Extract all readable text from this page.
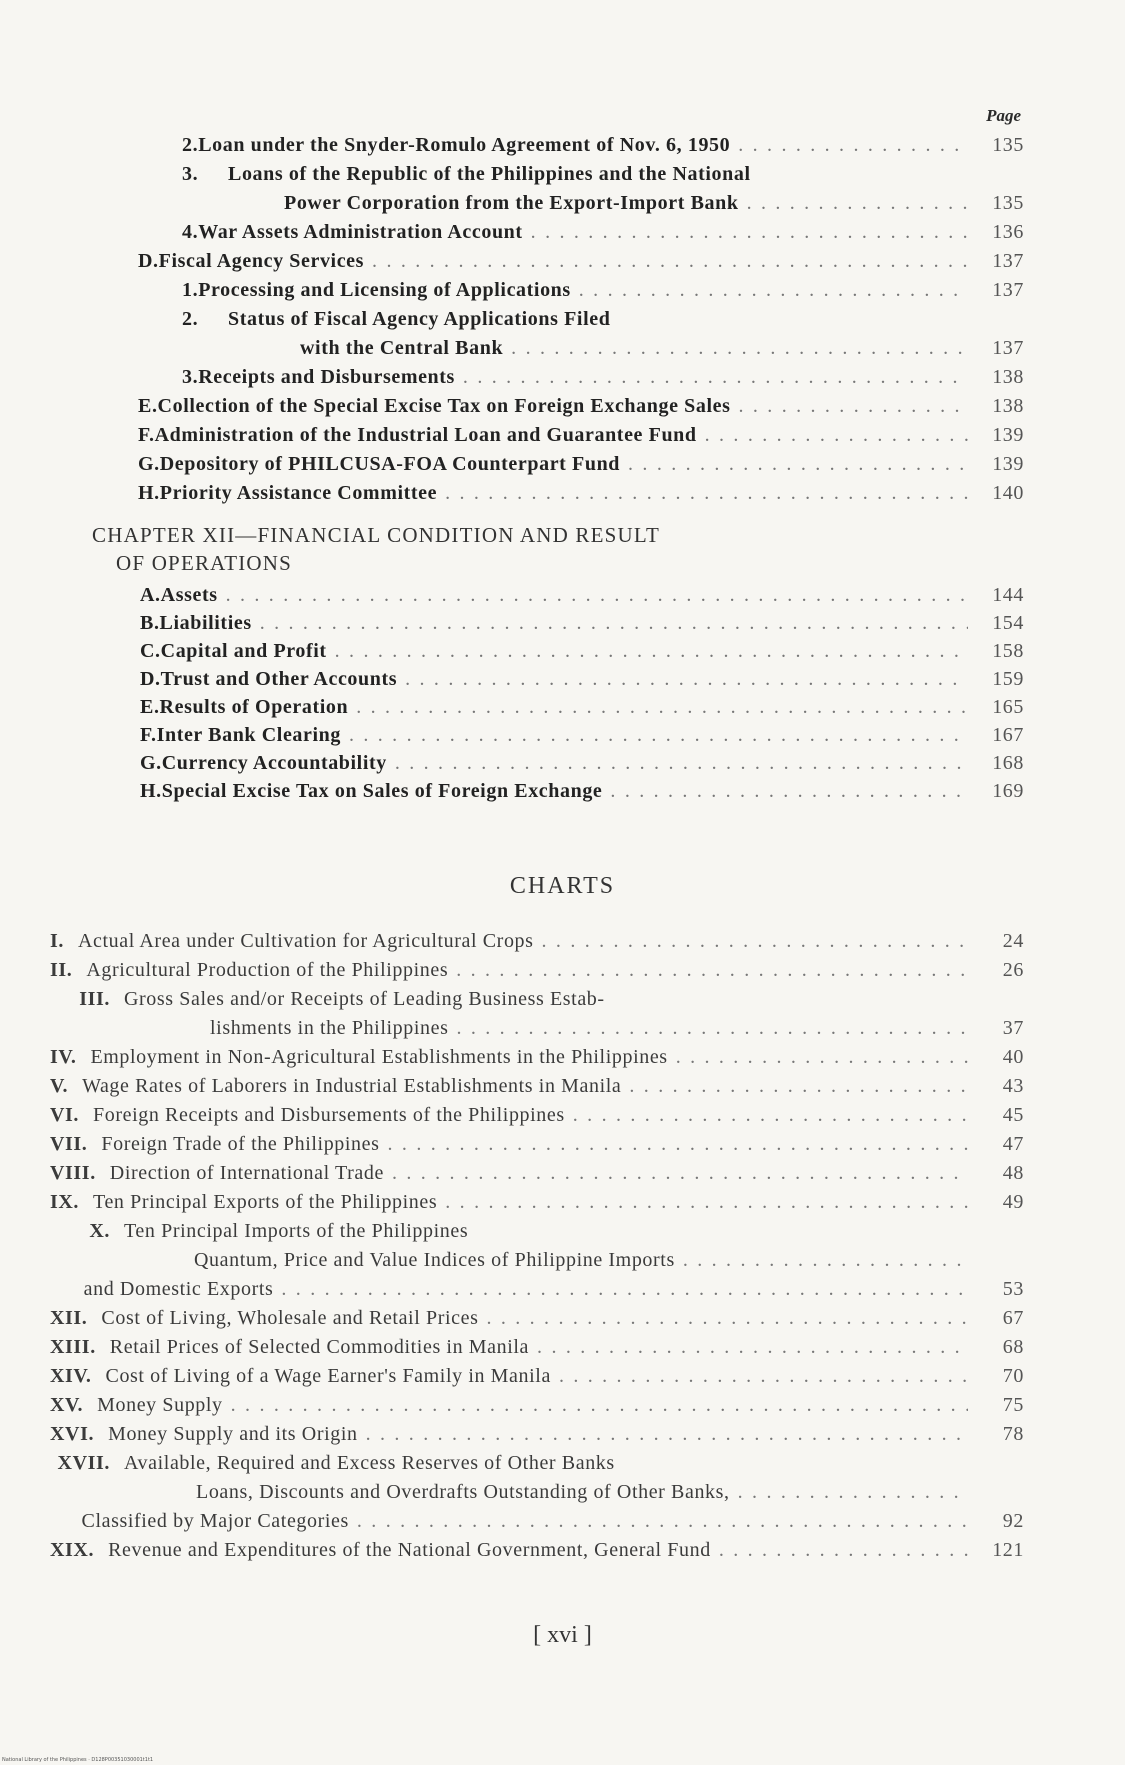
Page
2. Loan under the Snyder-Romulo Agreement of Nov. 6, 1950 . . .	135
3.	Loans of the Republic of the Philippines and the National
Power Corporation from the Export-Import Bank . . .	135
4. War Assets Administration Account . . .	136
D. Fiscal Agency Services . . .	137
1. Processing and Licensing of Applications . . .	137
2.	Status of Fiscal Agency Applications Filed
with the Central Bank . . .	137
3. Receipts and Disbursements . . .	138
E. Collection of the Special Excise Tax on Foreign Exchange Sales . . .	138
F. Administration of the Industrial Loan and Guarantee Fund . . .	139
G. Depository of PHILCUSA-FOA Counterpart Fund . . .	139
H. Priority Assistance Committee . . .	140
CHAPTER XII—FINANCIAL CONDITION AND RESULT
OF OPERATIONS
A. Assets . . .	144
B. Liabilities . . .	154
C. Capital and Profit . . .	158
D. Trust and Other Accounts . . .	159
E. Results of Operation . . .	165
F. Inter Bank Clearing . . .	167
G. Currency Accountability . . .	168
H. Special Excise Tax on Sales of Foreign Exchange . . .	169
CHARTS
I. Actual Area under Cultivation for Agricultural Crops . . .	24
II. Agricultural Production of the Philippines . . .	26
III. Gross Sales and/or Receipts of Leading Business Estab-
lishments in the Philippines . . .	37
IV. Employment in Non-Agricultural Establishments in the Philippines . . .	40
V. Wage Rates of Laborers in Industrial Establishments in Manila . . .	43
VI. Foreign Receipts and Disbursements of the Philippines . . .	45
VII. Foreign Trade of the Philippines . . .	47
VIII. Direction of International Trade . . .	48
IX. Ten Principal Exports of the Philippines . . .	49
X. Ten Principal Imports of the Philippines
Quantum, Price and Value Indices of Philippine Imports
. . .
and Domestic Exports . . .	53
XII. Cost of Living, Wholesale and Retail Prices . . .	67
XIII. Retail Prices of Selected Commodities in Manila . . .	68
XIV. Cost of Living of a Wage Earner's Family in Manila . . .	70
XV. Money Supply . . .	75
XVI. Money Supply and its Origin . . .	78
XVII. Available, Required and Excess Reserves of Other Banks
Loans, Discounts and Overdrafts Outstanding of Other Banks,
. . .
Classified by Major Categories . . .	92
XIX. Revenue and Expenditures of the National Government, General Fund . . .	121
[ xvi ]
National Library of the Philippines · D128P00351030001t1t1
